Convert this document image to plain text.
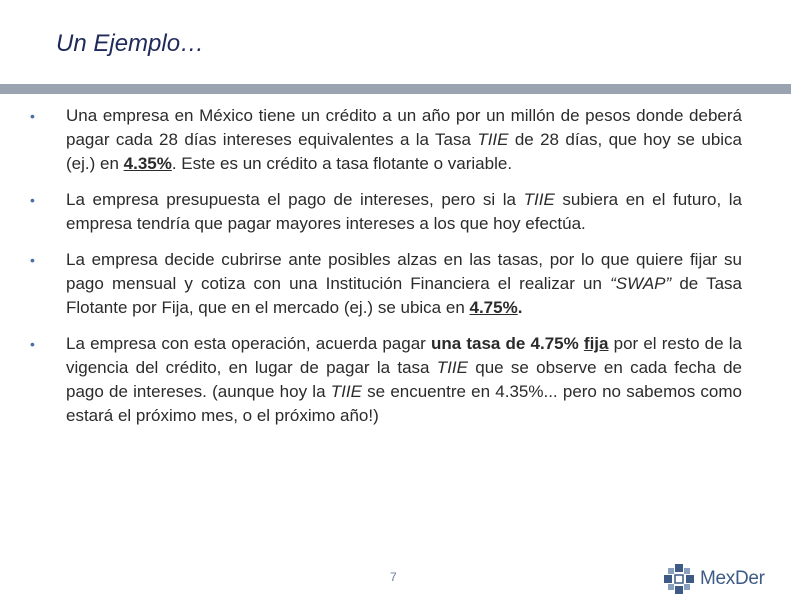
Un Ejemplo…
•	Una empresa en México tiene un crédito a un año por un millón de pesos donde deberá pagar cada 28 días intereses equivalentes a la Tasa TIIE de 28 días, que hoy se ubica (ej.) en 4.35%. Este es un crédito a tasa flotante o variable.
•	La empresa presupuesta el pago de intereses, pero si la TIIE subiera en el futuro, la empresa tendría que pagar mayores intereses a los que hoy efectúa.
•	La empresa decide cubrirse ante posibles alzas en las tasas, por lo que quiere fijar su pago mensual y cotiza con una Institución Financiera el realizar un “SWAP” de Tasa Flotante por Fija, que en el mercado (ej.) se ubica en 4.75%.
•	La empresa con esta operación, acuerda pagar una tasa de 4.75% fija por el resto de la vigencia del crédito, en lugar de pagar la tasa TIIE que se observe en cada fecha de pago de intereses. (aunque hoy la TIIE se encuentre en 4.35%... pero no sabemos como estará el próximo mes, o el próximo año!)
7	MexDer
